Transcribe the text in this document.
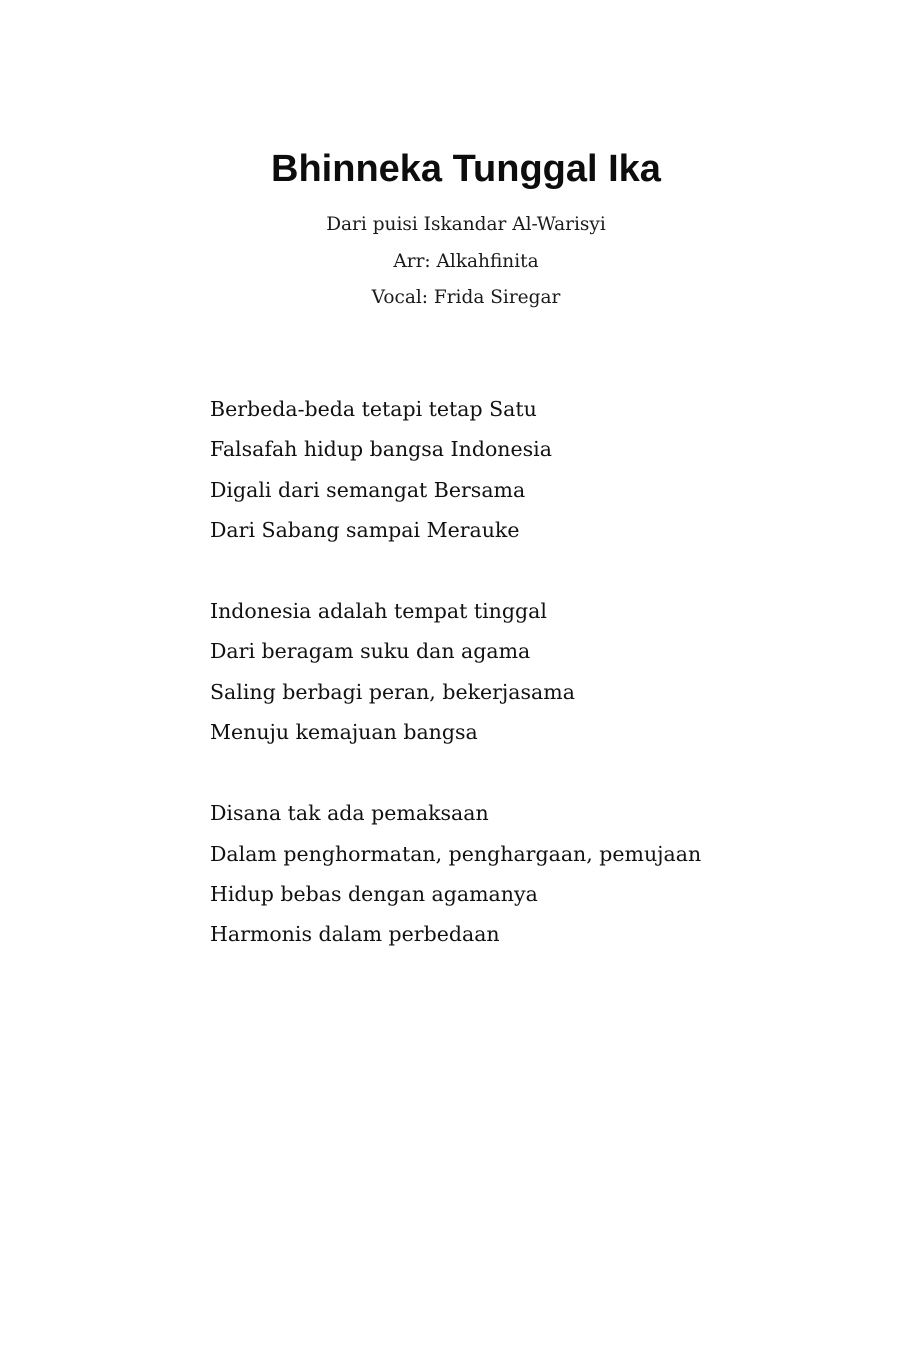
Bhinneka Tunggal Ika
Dari puisi Iskandar Al-Warisyi
Arr: Alkahfinita
Vocal: Frida Siregar
Berbeda-beda tetapi tetap Satu
Falsafah hidup bangsa Indonesia
Digali dari semangat Bersama
Dari Sabang sampai Merauke
Indonesia adalah tempat tinggal
Dari beragam suku dan agama
Saling berbagi peran, bekerjasama
Menuju kemajuan bangsa
Disana tak ada pemaksaan
Dalam penghormatan, penghargaan, pemujaan
Hidup bebas dengan agamanya
Harmonis dalam perbedaan
